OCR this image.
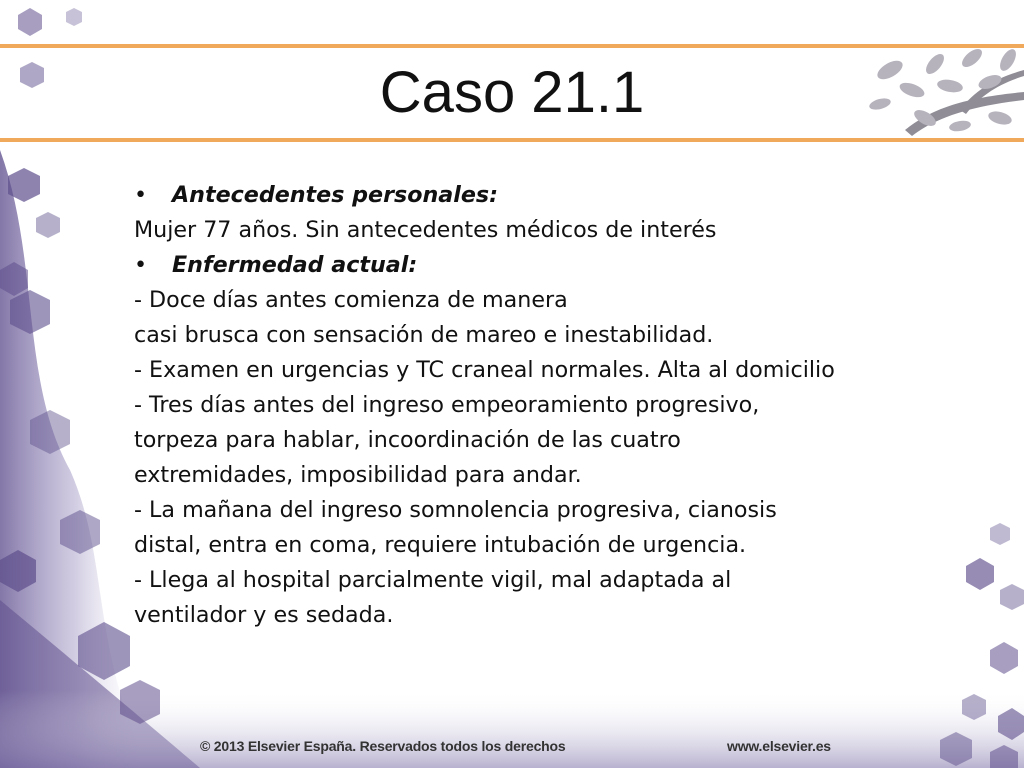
Caso 21.1
• Antecedentes personales:
Mujer 77 años. Sin antecedentes médicos de interés
• Enfermedad actual:
- Doce días antes comienza de manera
casi brusca con sensación de mareo e inestabilidad.
- Examen en urgencias y TC craneal normales. Alta al domicilio
- Tres días antes del ingreso empeoramiento progresivo,
torpeza para hablar, incoordinación de las cuatro
extremidades, imposibilidad para andar.
- La mañana del ingreso somnolencia progresiva, cianosis
distal, entra en coma, requiere intubación de urgencia.
- Llega al hospital parcialmente vigil, mal adaptada al
ventilador y es sedada.
© 2013 Elsevier España. Reservados todos los derechos	www.elsevier.es
